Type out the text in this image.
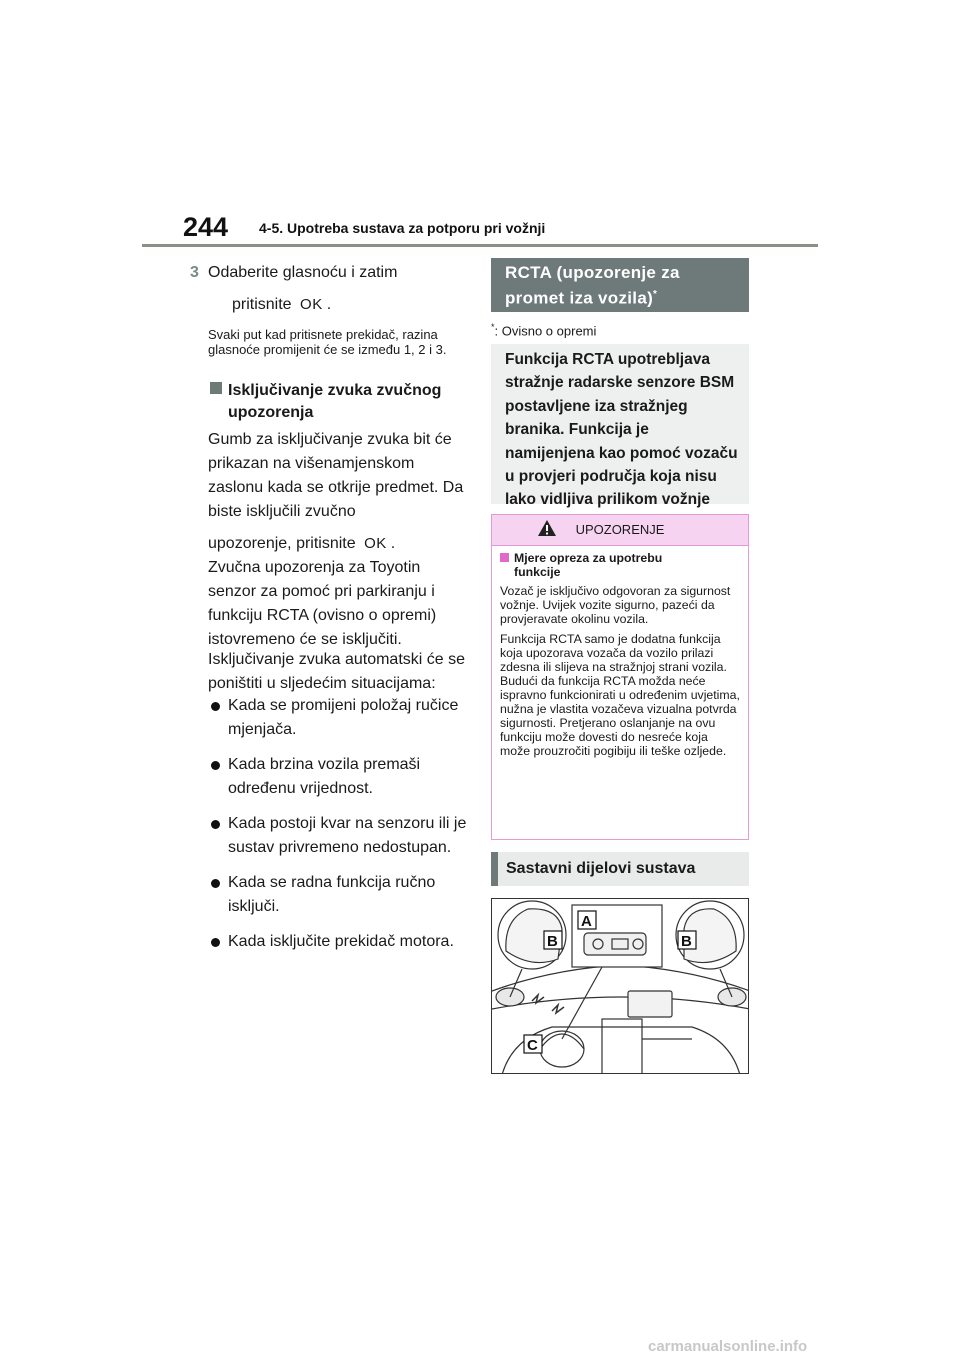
244 4-5. Upotreba sustava za potporu pri vožnji
3 Odaberite glasnoću i zatim
pritisnite OK .
Svaki put kad pritisnete prekidač, razina glasnoće promijenit će se između 1, 2 i 3.
Isključivanje zvuka zvučnog upozorenja
Gumb za isključivanje zvuka bit će prikazan na višenamjenskom zaslonu kada se otkrije predmet. Da biste isključili zvučno
upozorenje, pritisnite OK .
Zvučna upozorenja za Toyotin senzor za pomoć pri parkiranju i funkciju RCTA (ovisno o opremi) istovremeno će se isključiti.
Isključivanje zvuka automatski će se poništiti u sljedećim situacijama:
Kada se promijeni položaj ručice mjenjača.
Kada brzina vozila premaši određenu vrijednost.
Kada postoji kvar na senzoru ili je sustav privremeno nedostupan.
Kada se radna funkcija ručno isključi.
Kada isključite prekidač motora.
RCTA (upozorenje za
promet iza vozila)*
*: Ovisno o opremi
Funkcija RCTA upotrebljava stražnje radarske senzore BSM postavljene iza stražnjeg branika. Funkcija je namijenjena kao pomoć vozaču u provjeri područja koja nisu lako vidljiva prilikom vožnje
UPOZORENJE
Mjere opreza za upotrebu
funkcije
Vozač je isključivo odgovoran za sigurnost vožnje. Uvijek vozite sigurno, pazeći da provjeravate okolinu vozila.
Funkcija RCTA samo je dodatna funkcija koja upozorava vozača da vozilo prilazi zdesna ili slijeva na stražnjoj strani vozila. Budući da funkcija RCTA možda neće ispravno funkcionirati u određenim uvjetima, nužna je vlastita vozačeva vizualna potvrda sigurnosti. Pretjerano oslanjanje na ovu funkciju može dovesti do nesreće koja može prouzročiti pogibiju ili teške ozljede.
Sastavni dijelovi sustava
A
B	B
C
carmanualsonline.info
